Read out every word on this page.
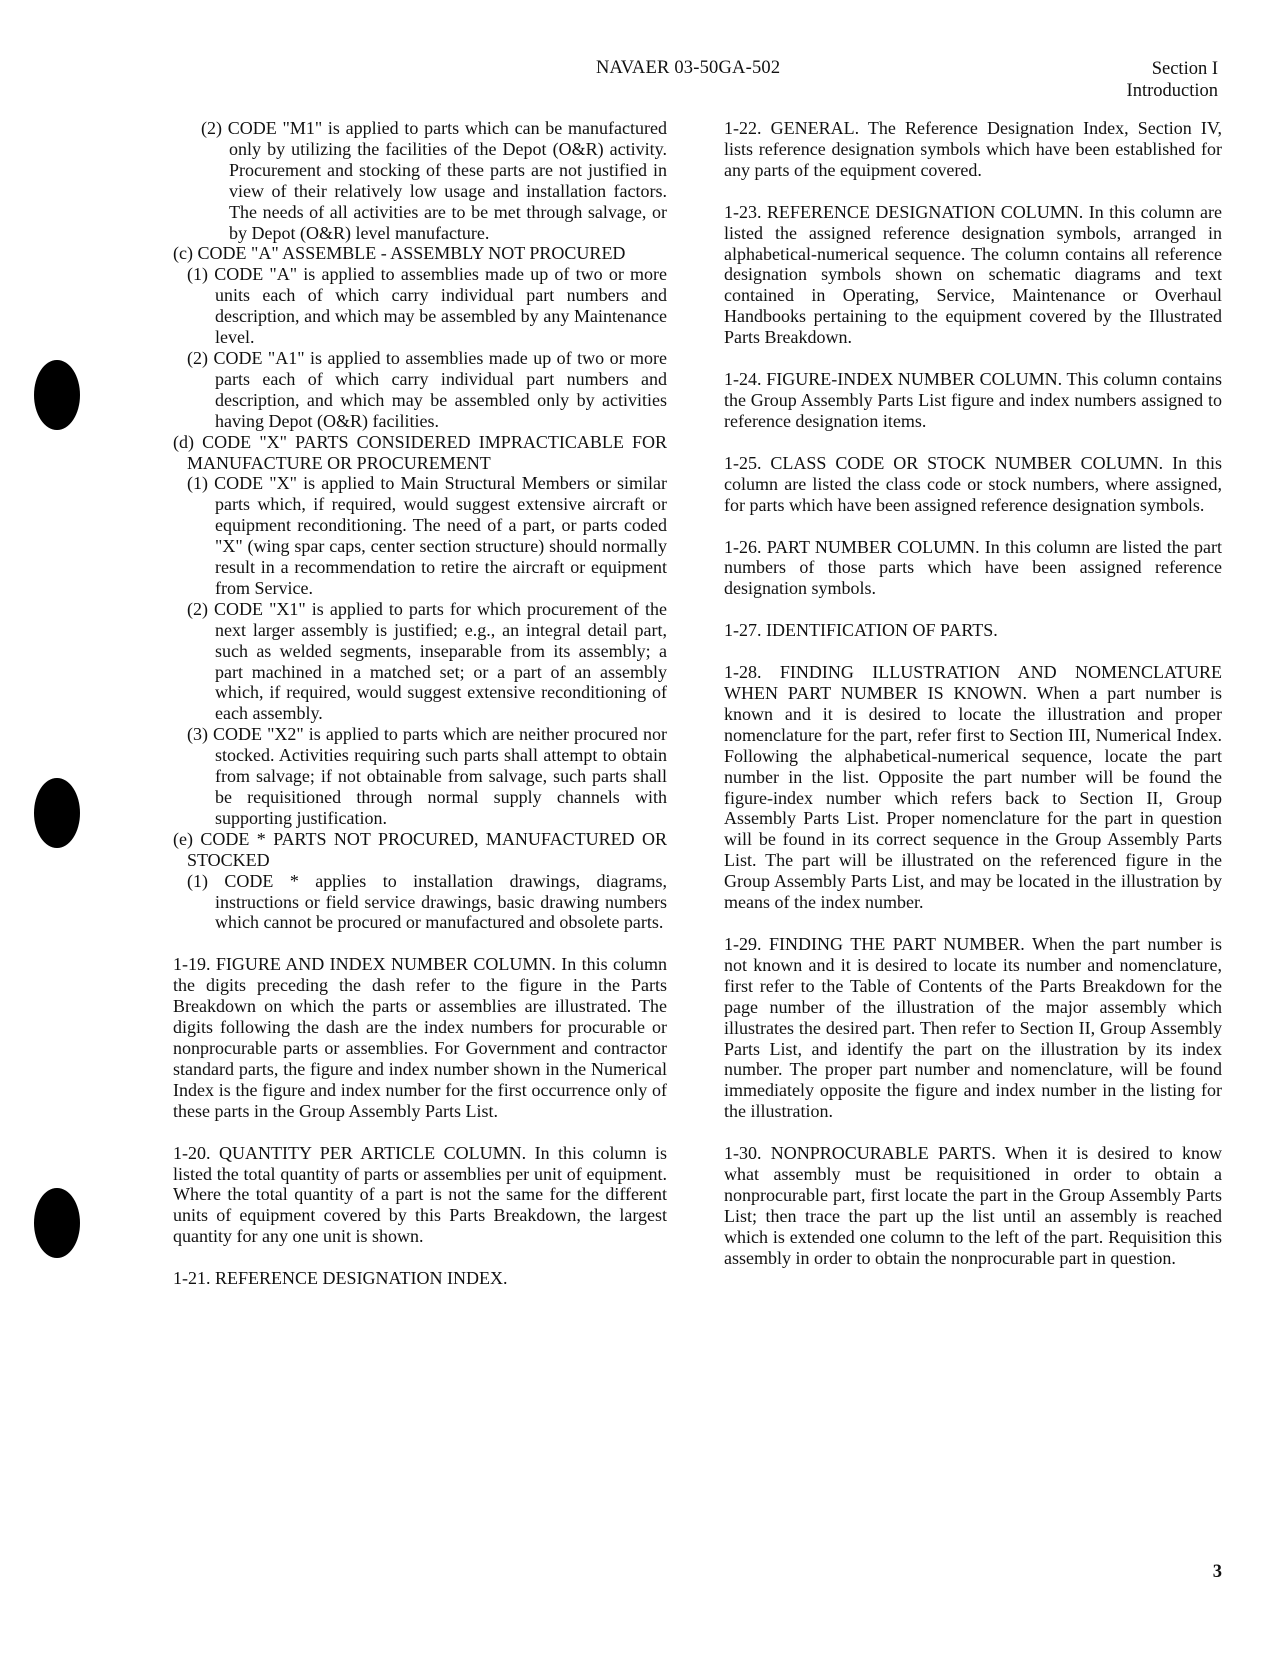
NAVAER 03-50GA-502	Section I
Introduction

(2) CODE "M1" is applied to parts which can be manufactured only by utilizing the facilities of the Depot (O&R) activity. Procurement and stocking of these parts are not justified in view of their relatively low usage and installation factors. The needs of all activities are to be met through salvage, or by Depot (O&R) level manufacture.

(c) CODE "A" ASSEMBLE - ASSEMBLY NOT PROCURED

(1) CODE "A" is applied to assemblies made up of two or more units each of which carry individual part numbers and description, and which may be assembled by any Maintenance level.

(2) CODE "A1" is applied to assemblies made up of two or more parts each of which carry individual part numbers and description, and which may be assembled only by activities having Depot (O&R) facilities.

(d) CODE "X" PARTS CONSIDERED IMPRACTICABLE FOR MANUFACTURE OR PROCUREMENT

(1) CODE "X" is applied to Main Structural Members or similar parts which, if required, would suggest extensive aircraft or equipment reconditioning. The need of a part, or parts coded "X" (wing spar caps, center section structure) should normally result in a recommendation to retire the aircraft or equipment from Service.

(2) CODE "X1" is applied to parts for which procurement of the next larger assembly is justified; e.g., an integral detail part, such as welded segments, inseparable from its assembly; a part machined in a matched set; or a part of an assembly which, if required, would suggest extensive reconditioning of each assembly.

(3) CODE "X2" is applied to parts which are neither procured nor stocked. Activities requiring such parts shall attempt to obtain from salvage; if not obtainable from salvage, such parts shall be requisitioned through normal supply channels with supporting justification.

(e) CODE * PARTS NOT PROCURED, MANUFACTURED OR STOCKED

(1) CODE * applies to installation drawings, diagrams, instructions or field service drawings, basic drawing numbers which cannot be procured or manufactured and obsolete parts.

1-19. FIGURE AND INDEX NUMBER COLUMN. In this column the digits preceding the dash refer to the figure in the Parts Breakdown on which the parts or assemblies are illustrated. The digits following the dash are the index numbers for procurable or nonprocurable parts or assemblies. For Government and contractor standard parts, the figure and index number shown in the Numerical Index is the figure and index number for the first occurrence only of these parts in the Group Assembly Parts List.

1-20. QUANTITY PER ARTICLE COLUMN. In this column is listed the total quantity of parts or assemblies per unit of equipment. Where the total quantity of a part is not the same for the different units of equipment covered by this Parts Breakdown, the largest quantity for any one unit is shown.

1-21. REFERENCE DESIGNATION INDEX.

1-22. GENERAL. The Reference Designation Index, Section IV, lists reference designation symbols which have been established for any parts of the equipment covered.

1-23. REFERENCE DESIGNATION COLUMN. In this column are listed the assigned reference designation symbols, arranged in alphabetical-numerical sequence. The column contains all reference designation symbols shown on schematic diagrams and text contained in Operating, Service, Maintenance or Overhaul Handbooks pertaining to the equipment covered by the Illustrated Parts Breakdown.

1-24. FIGURE-INDEX NUMBER COLUMN. This column contains the Group Assembly Parts List figure and index numbers assigned to reference designation items.

1-25. CLASS CODE OR STOCK NUMBER COLUMN. In this column are listed the class code or stock numbers, where assigned, for parts which have been assigned reference designation symbols.

1-26. PART NUMBER COLUMN. In this column are listed the part numbers of those parts which have been assigned reference designation symbols.

1-27. IDENTIFICATION OF PARTS.

1-28. FINDING ILLUSTRATION AND NOMENCLATURE WHEN PART NUMBER IS KNOWN. When a part number is known and it is desired to locate the illustration and proper nomenclature for the part, refer first to Section III, Numerical Index. Following the alphabetical-numerical sequence, locate the part number in the list. Opposite the part number will be found the figure-index number which refers back to Section II, Group Assembly Parts List. Proper nomenclature for the part in question will be found in its correct sequence in the Group Assembly Parts List. The part will be illustrated on the referenced figure in the Group Assembly Parts List, and may be located in the illustration by means of the index number.

1-29. FINDING THE PART NUMBER. When the part number is not known and it is desired to locate its number and nomenclature, first refer to the Table of Contents of the Parts Breakdown for the page number of the illustration of the major assembly which illustrates the desired part. Then refer to Section II, Group Assembly Parts List, and identify the part on the illustration by its index number. The proper part number and nomenclature, will be found immediately opposite the figure and index number in the listing for the illustration.

1-30. NONPROCURABLE PARTS. When it is desired to know what assembly must be requisitioned in order to obtain a nonprocurable part, first locate the part in the Group Assembly Parts List; then trace the part up the list until an assembly is reached which is extended one column to the left of the part. Requisition this assembly in order to obtain the nonprocurable part in question.

3
